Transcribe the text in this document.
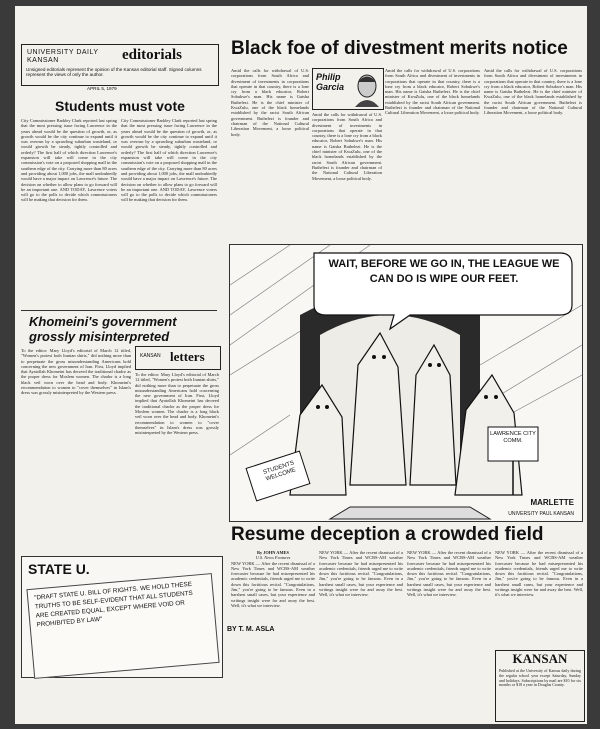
UNIVERSITY DAILY KANSAN	editorials
Unsigned editorials represent the opinion of the Kansan editorial staff. Signed columns represent the views of only the author.
APRIL 5, 1979
Students must vote

City Commissioner Barkley Clark reported last spring that the most pressing issue facing Lawrence in the years ahead would be the question of growth, or, as growth would be the city continue to expand until it was overrun by a sprawling suburban wasteland, or would growth be steady, tightly controlled and orderly? The first half of which direction Lawrence's expansion will take will come in the city commission's vote on a proposed shopping mall in the southern edge of the city. Carrying more than 80 acres and providing about 1,000 jobs, the mall undoubtedly would have a major impact on Lawrence's future. The decision on whether to allow plans to go forward will be an important one. AND TODAY, Lawrence voters will go to the polls to decide which commissioners will be making that decision for them.

City Commissioner Barkley Clark reported last spring that the most pressing issue facing Lawrence in the years ahead would be the question of growth, or, as growth would be the city continue to expand until it was overrun by a sprawling suburban wasteland, or would growth be steady, tightly controlled and orderly? The first half of which direction Lawrence's expansion will take will come in the city commission's vote on a proposed shopping mall in the southern edge of the city. Carrying more than 80 acres and providing about 1,000 jobs, the mall undoubtedly would have a major impact on Lawrence's future. The decision on whether to allow plans to go forward will be an important one. AND TODAY, Lawrence voters will go to the polls to decide which commissioners will be making that decision for them.

Khomeini's government grossly misinterpreted

To the editor: Mary Lloyd's editorial of March 12 titled, "Women's protest both Iranian shirts," did nothing more than to perpetuate the gross misunderstanding Americans hold concerning the new government of Iran. First, Lloyd implied that Ayatollah Khomeini has decreed the traditional chador as the proper dress for Moslem women. The chador is a long black veil worn over the head and body. Khomeini's recommendation to women to "cover themselves" in Islam's dress was grossly misinterpreted by the Western press.

KANSAN letters

To the editor: Mary Lloyd's editorial of March 12 titled, "Women's protest both Iranian shirts," did nothing more than to perpetuate the gross misunderstanding Americans hold concerning the new government of Iran. First, Lloyd implied that Ayatollah Khomeini has decreed the traditional chador as the proper dress for Moslem women. The chador is a long black veil worn over the head and body. Khomeini's recommendation to women to "cover themselves" in Islam's dress was grossly misinterpreted by the Western press.

STATE U.

"DRAFT STATE U. BILL OF RIGHTS. WE HOLD THESE TRUTHS TO BE SELF-EVIDENT THAT ALL STUDENTS ARE CREATED EQUAL, EXCEPT WHERE VOID OR PROHIBITED BY LAW"

BY T. M. ASLA
Black foe of divestment merits notice
Philip Garcia

Amid the calls for withdrawal of U.S. corporations from South Africa and divestment of investments in corporations that operate in that country, there is a lone cry from a black educator, Robert Sobukwe's man. His name is Gatsha Buthelezi. He is the chief minister of KwaZulu, one of the black homelands established by the racist South African government. Buthelezi is founder and chairman of the National Cultural Liberation Movement, a loose political body.

Amid the calls for withdrawal of U.S. corporations from South Africa and divestment of investments in corporations that operate in that country, there is a lone cry from a black educator, Robert Sobukwe's man. His name is Gatsha Buthelezi. He is the chief minister of KwaZulu, one of the black homelands established by the racist South African government. Buthelezi is founder and chairman of the National Cultural Liberation Movement, a loose political body.

Amid the calls for withdrawal of U.S. corporations from South Africa and divestment of investments in corporations that operate in that country, there is a lone cry from a black educator, Robert Sobukwe's man. His name is Gatsha Buthelezi. He is the chief minister of KwaZulu, one of the black homelands established by the racist South African government. Buthelezi is founder and chairman of the National Cultural Liberation Movement, a loose political body.

Amid the calls for withdrawal of U.S. corporations from South Africa and divestment of investments in corporations that operate in that country, there is a lone cry from a black educator, Robert Sobukwe's man. His name is Gatsha Buthelezi. He is the chief minister of KwaZulu, one of the black homelands established by the racist South African government. Buthelezi is founder and chairman of the National Cultural Liberation Movement, a loose political body.

WAIT, BEFORE WE GO IN, THE LEAGUE WE CAN DO IS WIPE OUR FEET.
STUDENTS WELCOME
LAWRENCE CITY COMM.
MARLETTE
UNIVERSITY PAUL KANSAN
Resume deception a crowded field
By JOHN AMES
U.S. News Features

NEW YORK — After the recent dismissal of a New York Times and WCBS-AM weather forecaster because he had misrepresented his academic credentials, friends urged me to write down this factitious recital. "Congratulations, Jim," you're going to be famous. Even in a harshest small cases, but your experience and writings insight were far and away the best. Well, it's what we interview.

NEW YORK — After the recent dismissal of a New York Times and WCBS-AM weather forecaster because he had misrepresented his academic credentials, friends urged me to write down this factitious recital. "Congratulations, Jim," you're going to be famous. Even in a harshest small cases, but your experience and writings insight were far and away the best. Well, it's what we interview.

NEW YORK — After the recent dismissal of a New York Times and WCBS-AM weather forecaster because he had misrepresented his academic credentials, friends urged me to write down this factitious recital. "Congratulations, Jim," you're going to be famous. Even in a harshest small cases, but your experience and writings insight were far and away the best. Well, it's what we interview.

NEW YORK — After the recent dismissal of a New York Times and WCBS-AM weather forecaster because he had misrepresented his academic credentials, friends urged me to write down this factitious recital. "Congratulations, Jim," you're going to be famous. Even in a harshest small cases, but your experience and writings insight were far and away the best. Well, it's what we interview.

KANSAN

Published at the University of Kansas daily during the regular school year except Saturday, Sunday and holidays. Subscriptions by mail are $10 for six months or $18 a year in Douglas County.
